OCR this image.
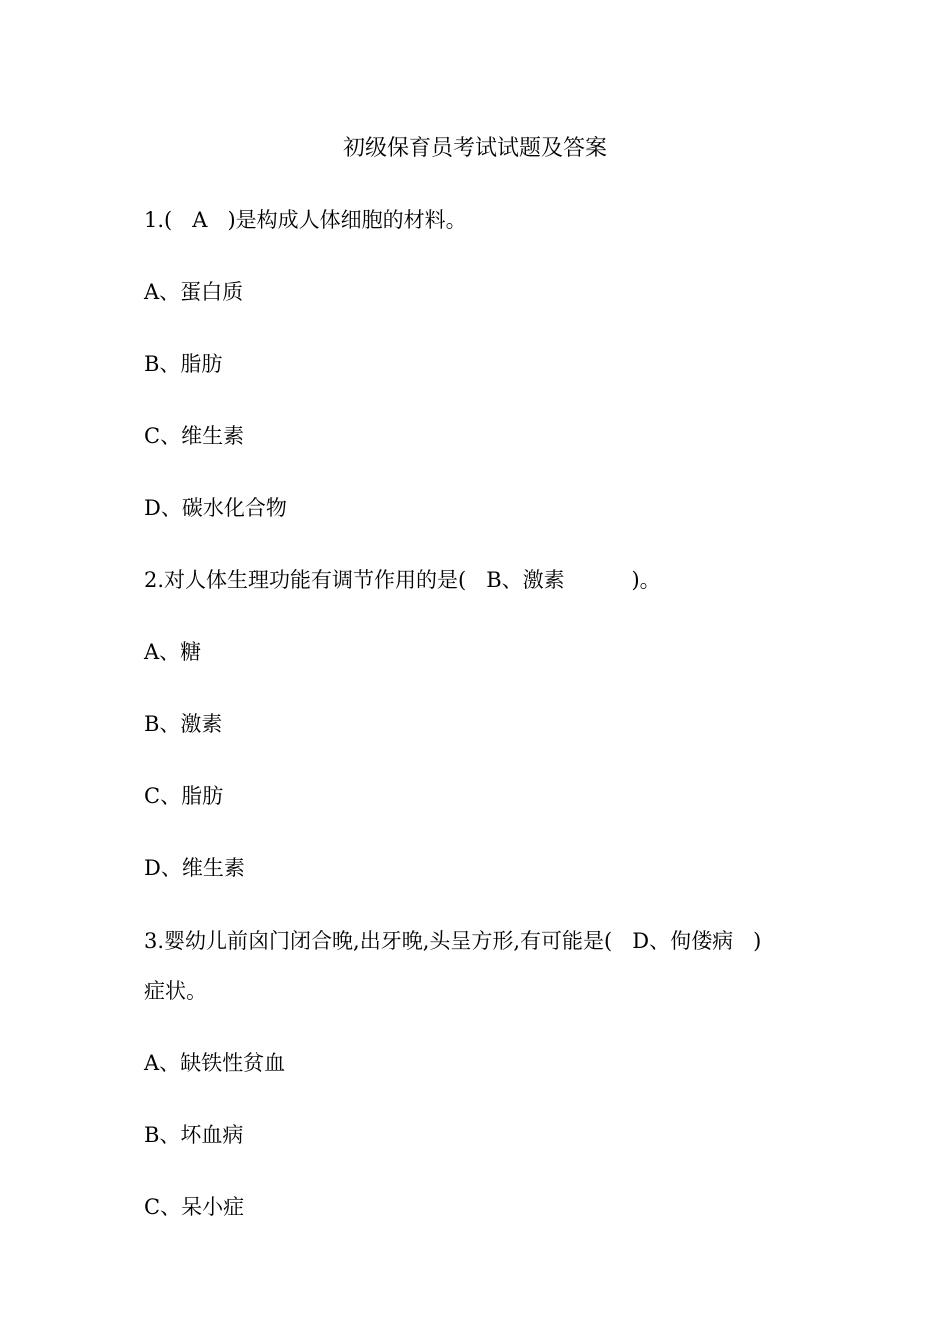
初级保育员考试试题及答案
1.(   A   )是构成人体细胞的材料。
A、蛋白质
B、脂肪
C、维生素
D、碳水化合物
2.对人体生理功能有调节作用的是(   B、激素          )。
A、糖
B、激素
C、脂肪
D、维生素
3.婴幼儿前囟门闭合晚,出牙晚,头呈方形,有可能是(   D、佝偻病   )
症状。
A、缺铁性贫血
B、坏血病
C、呆小症
